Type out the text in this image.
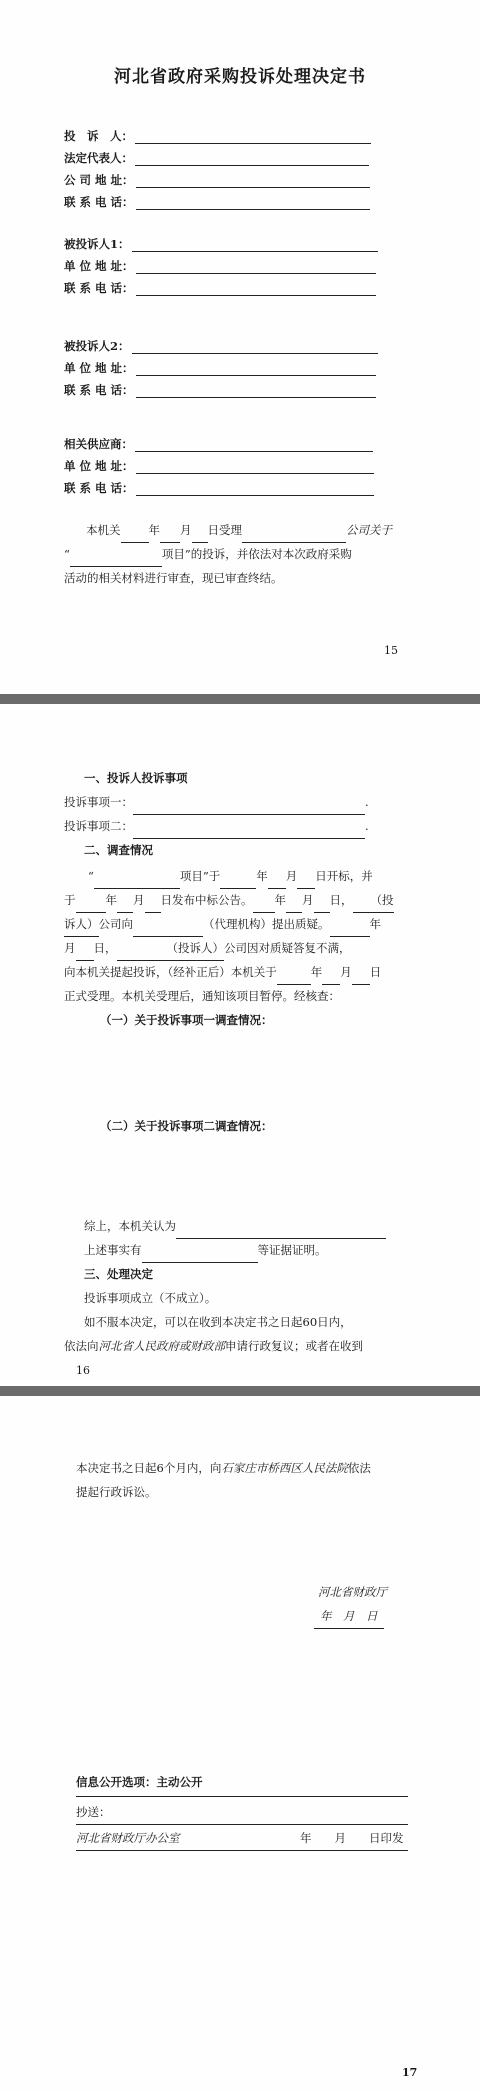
河北省政府采购投诉处理决定书
投　诉　人：
法定代表人：
公 司 地 址：
联 系 电 话：
被投诉人1：
单 位 地 址：
联 系 电 话：
被投诉人2：
单 位 地 址：
联 系 电 话：
相关供应商：
单 位 地 址：
联 系 电 话：
本机关 年 月 日受理	公司关于
“	项目”的投诉，并依法对本次政府采购
活动的相关材料进行审查，现已审查终结。
15
一、投诉人投诉事项
投诉事项一：	.
投诉事项二：	.
二、调查情况
“	项目”于	年 月 日开标，并
于	年 月 日发布中标公告。 年 月 日， （投
诉人）公司向	（代理机构）提出质疑。	年
月 日，	（投诉人）公司因对质疑答复不满，
向本机关提起投诉，（经补正后）本机关于	年 月 日
正式受理。本机关受理后，通知该项目暂停。经核查：
（一）关于投诉事项一调查情况：
（二）关于投诉事项二调查情况：
综上，本机关认为
上述事实有	等证据证明。
三、处理决定
投诉事项成立（不成立）。
如不服本决定，可以在收到本决定书之日起60日内，
依法向河北省人民政府或财政部申请行政复议；或者在收到
16
本决定书之日起6个月内，向石家庄市桥西区人民法院依法
提起行政诉讼。
河北省财政厅
年　月　日
信息公开选项：主动公开
抄送：
河北省财政厅办公室	年　　月　　日印发
17
